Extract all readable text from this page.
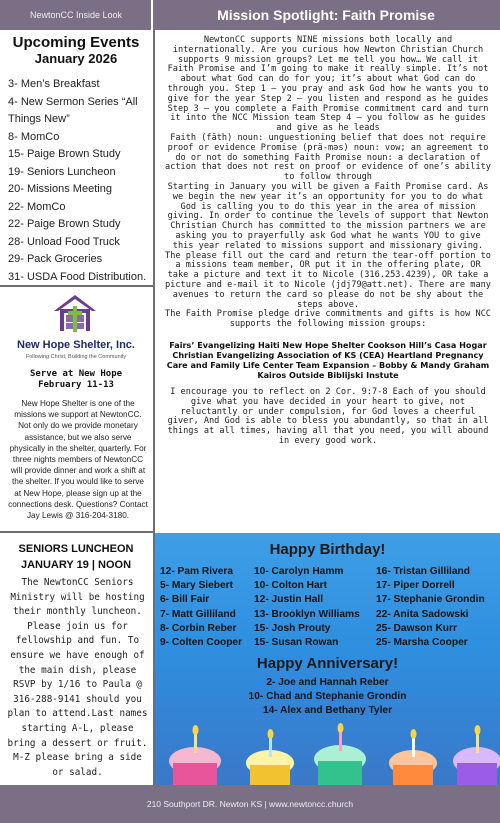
NewtonCC Inside Look	Mission Spotlight: Faith Promise
Upcoming Events
January 2026
3- Men’s Breakfast
4- New Sermon Series “All Things New”
8- MomCo
15- Paige Brown Study
19- Seniors Luncheon
20- Missions Meeting
22- MomCo
22- Paige Brown Study
28- Unload Food Truck
29- Pack Groceries
31- USDA Food Distribution.
New Hope Shelter, Inc.
Following Christ, Building the Community
Serve at New Hope
February 11-13
New Hope Shelter is one of the missions we support at NewtonCC. Not only do we provide monetary assistance, but we also serve physically in the shelter, quarterly. For three nights members of NewtonCC will provide dinner and work a shift at the shelter. If you would like to serve at New Hope, please sign up at the connections desk. Questions? Contact Jay Lewis @ 316-204-3180.
SENIORS LUNCHEON
JANUARY 19 | NOON
The NewtonCC Seniors Ministry will be hosting their monthly luncheon. Please join us for fellowship and fun. To ensure we have enough of the main dish, please RSVP by 1/16 to Paula @ 316-288-9141 should you plan to attend.Last names starting A-L, please bring a dessert or fruit. M-Z please bring a side or salad.

NewtonCC supports NINE missions both locally and internationally. Are you curious how Newton Christian Church supports 9 mission groups? Let me tell you how… We call it Faith Promise and I’m going to make it really simple. It’s not about what God can do for you; it’s about what God can do through you. Step 1 – you pray and ask God how he wants you to give for the year Step 2 – you listen and respond as he guides Step 3 – you complete a Faith Promise commitment card and turn it into the NCC Mission team Step 4 – you follow as he guides and give as he leads

Faith (fāth) noun: unguestioning belief that does not require proof or evidence Promise (prä-məs) noun: vow; an agreement to do or not do something Faith Promise noun: a declaration of action that does not rest on proof or evidence of one’s ability to follow through

Starting in January you will be given a Faith Promise card. As we begin the new year it’s an opportunity for you to do what God is calling you to do this year in the area of mission giving. In order to continue the levels of support that Newton Christian Church has committed to the mission partners we are asking you to prayerfully ask God what he wants YOU to give this year related to missions support and missionary giving. The please fill out the card and return the tear-off portion to a missions team member, OR put it in the offering plate, OR take a picture and text it to Nicole (316.253.4239), OR take a picture and e-mail it to Nicole (jdj79@att.net). There are many avenues to return the card so please do not be shy about the steps above.

The Faith Promise pledge drive commitments and gifts is how NCC supports the following mission groups:

Fairs’ Evangelizing Haiti New Hope Shelter Cookson Hill’s Casa Hogar Christian Evangelizing Association of KS (CEA) Heartland Pregnancy Care and Family Life Center Team Expansion – Bobby & Mandy Graham Kairos Outside Biblijski Instute

I encourage you to reflect on 2 Cor. 9:7-8 Each of you should give what you have decided in your heart to give, not reluctantly or under compulsion, for God loves a cheerful giver, And God is able to bless you abundantly, so that in all things at all times, having all that you need, you will abound in every good work.

Happy Birthday!
12- Pam Rivera
5- Mary Siebert
6- Bill Fair
7- Matt Gilliland
8- Corbin Reber
9- Colten Cooper
10- Carolyn Hamm
10- Colton Hart
12- Justin Hall
13- Brooklyn Williams
15- Josh Prouty
15- Susan Rowan
16- Tristan Gilliland
17- Piper Dorrell
17- Stephanie Grondin
22- Anita Sadowski
25- Dawson Kurr
25- Marsha Cooper
Happy Anniversary!
2- Joe and Hannah Reber
10- Chad and Stephanie Grondin
14- Alex and Bethany Tyler
210 Southport DR. Newton KS | www.newtoncc.church
